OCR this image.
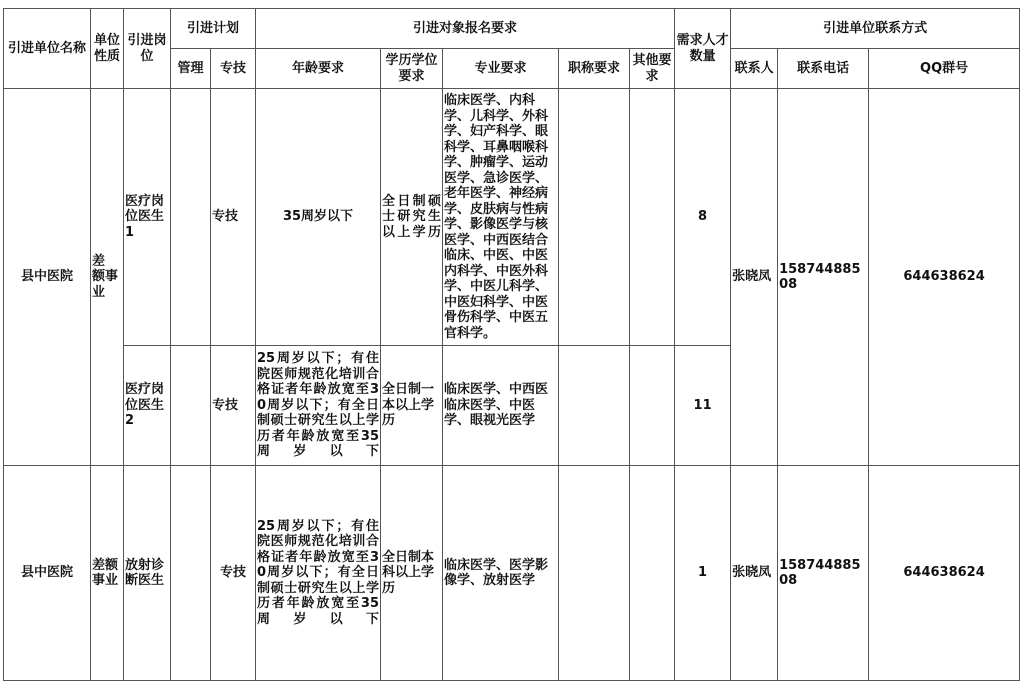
引进单位名称	单位性质	引进岗位	引进计划		引进对象报名要求					需求人才数量	引进单位联系方式		
			管理	专技	年龄要求	学历学位要求	专业要求	职称要求	其他要求		联系人	联系电话	QQ群号
县中医院	差 额事业	医疗岗位医生1		专技	35周岁以下	全日制硕士研究生以上学历	临床医学、内科学、儿科学、外科学、妇产科学、眼科学、耳鼻咽喉科学、肿瘤学、运动医学、急诊医学、老年医学、神经病学、皮肤病与性病学、影像医学与核医学、中西医结合临床、中医、中医内科学、中医外科学、中医儿科学、中医妇科学、中医骨伤科学、中医五官科学。			8	张晓凤	15874488508	644638624
		医疗岗位医生2		专技	25周岁以下；有住院医师规范化培训合格证者年龄放宽至30周岁以下；有全日制硕士研究生以上学历者年龄放宽至35周岁以下	全日制一本以上学历	临床医学、中西医临床医学、中医学、眼视光医学			11			
县中医院	差额事业	放射诊断医生		专技	25周岁以下；有住院医师规范化培训合格证者年龄放宽至30周岁以下；有全日制硕士研究生以上学历者年龄放宽至35周岁以下	全日制本科以上学历	临床医学、医学影像学、放射医学			1	张晓凤	15874488508	644638624
